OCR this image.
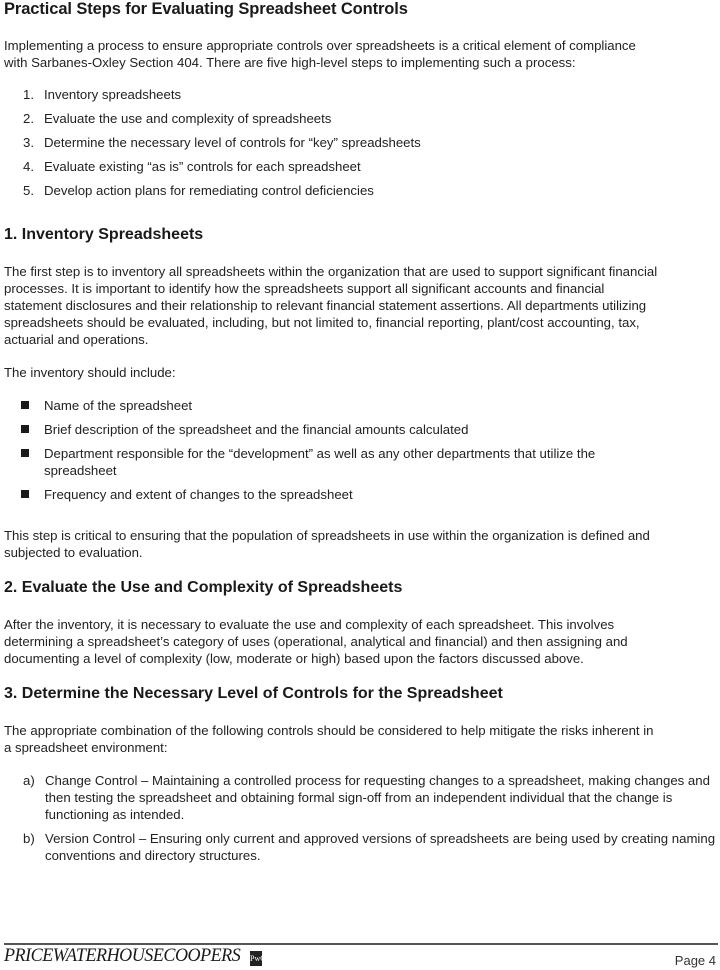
Practical Steps for Evaluating Spreadsheet Controls
Implementing a process to ensure appropriate controls over spreadsheets is a critical element of compliance
with Sarbanes-Oxley Section 404. There are five high-level steps to implementing such a process:
1. Inventory spreadsheets
2. Evaluate the use and complexity of spreadsheets
3. Determine the necessary level of controls for “key” spreadsheets
4. Evaluate existing “as is” controls for each spreadsheet
5. Develop action plans for remediating control deficiencies
1. Inventory Spreadsheets
The first step is to inventory all spreadsheets within the organization that are used to support significant financial
processes. It is important to identify how the spreadsheets support all significant accounts and financial
statement disclosures and their relationship to relevant financial statement assertions. All departments utilizing
spreadsheets should be evaluated, including, but not limited to, financial reporting, plant/cost accounting, tax,
actuarial and operations.
The inventory should include:
Name of the spreadsheet
Brief description of the spreadsheet and the financial amounts calculated
Department responsible for the “development” as well as any other departments that utilize the spreadsheet
Frequency and extent of changes to the spreadsheet
This step is critical to ensuring that the population of spreadsheets in use within the organization is defined and
subjected to evaluation.
2. Evaluate the Use and Complexity of Spreadsheets
After the inventory, it is necessary to evaluate the use and complexity of each spreadsheet. This involves
determining a spreadsheet’s category of uses (operational, analytical and financial) and then assigning and
documenting a level of complexity (low, moderate or high) based upon the factors discussed above.
3. Determine the Necessary Level of Controls for the Spreadsheet
The appropriate combination of the following controls should be considered to help mitigate the risks inherent in
a spreadsheet environment:
a) Change Control – Maintaining a controlled process for requesting changes to a spreadsheet, making changes and then testing the spreadsheet and obtaining formal sign-off from an independent individual that the change is functioning as intended.
b) Version Control – Ensuring only current and approved versions of spreadsheets are being used by creating naming conventions and directory structures.
PRICEWATERHOUSECOOPERS PwC	Page 4
